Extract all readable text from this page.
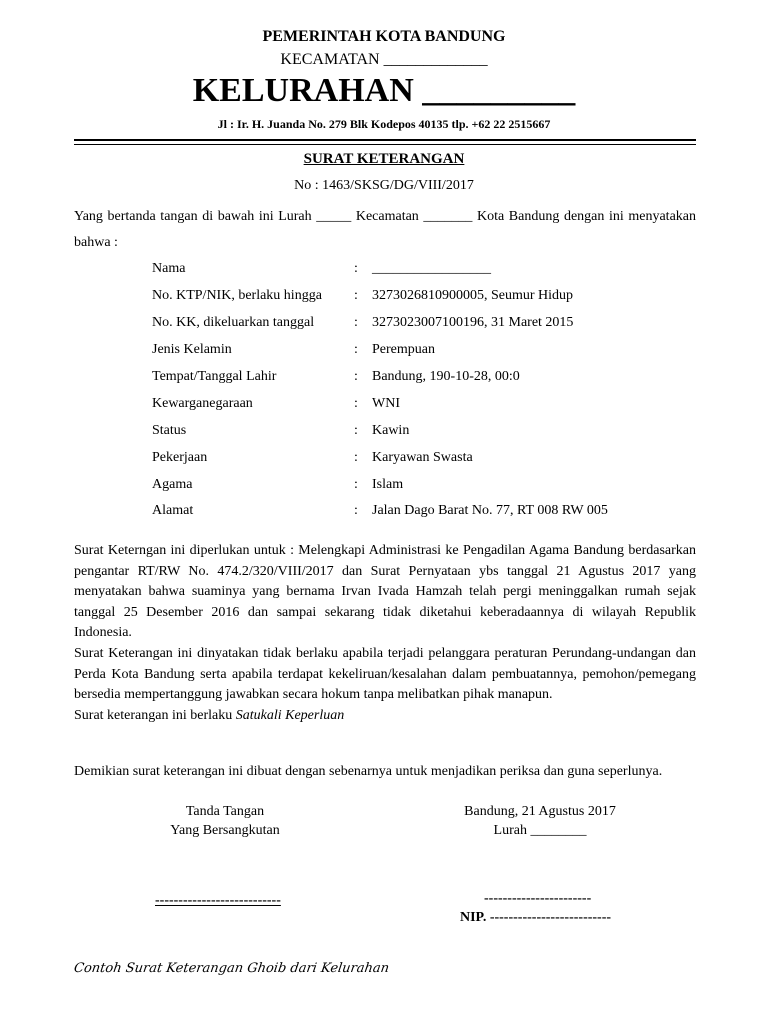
PEMERINTAH KOTA BANDUNG
KECAMATAN _____________
KELURAHAN _________
Jl : Ir. H. Juanda No. 279 Blk Kodepos 40135 tlp. +62 22 2515667
SURAT KETERANGAN
No : 1463/SKSG/DG/VIII/2017
Yang bertanda tangan di bawah ini Lurah _____ Kecamatan _______ Kota Bandung dengan ini menyatakan bahwa :
Nama	:	_________________
No. KTP/NIK, berlaku hingga	:	3273026810900005, Seumur Hidup
No. KK, dikeluarkan tanggal	:	3273023007100196, 31 Maret 2015
Jenis Kelamin	:	Perempuan
Tempat/Tanggal Lahir	:	Bandung, 190-10-28, 00:0
Kewarganegaraan	:	WNI
Status	:	Kawin
Pekerjaan	:	Karyawan Swasta
Agama	:	Islam
Alamat	:	Jalan Dago Barat No. 77, RT 008 RW 005
Surat Keterngan ini diperlukan untuk : Melengkapi Administrasi ke Pengadilan Agama Bandung berdasarkan pengantar RT/RW No. 474.2/320/VIII/2017 dan Surat Pernyataan ybs tanggal 21 Agustus 2017 yang menyatakan bahwa suaminya yang bernama Irvan Ivada Hamzah telah pergi meninggalkan rumah sejak tanggal 25 Desember 2016 dan sampai sekarang tidak diketahui keberadaannya di wilayah Republik Indonesia.
Surat Keterangan ini dinyatakan tidak berlaku apabila terjadi pelanggara peraturan Perundang-undangan dan Perda Kota Bandung serta apabila terdapat kekeliruan/kesalahan dalam pembuatannya, pemohon/pemegang bersedia mempertanggung jawabkan secara hokum tanpa melibatkan pihak manapun.
Surat keterangan ini berlaku Satukali Keperluan
Demikian surat keterangan ini dibuat dengan sebenarnya untuk menjadikan periksa dan guna seperlunya.
Tanda Tangan
Yang Bersangkutan
Bandung, 21 Agustus 2017
Lurah ________
---------------------------	-----------------------
NIP. --------------------------
Contoh Surat Keterangan Ghoib dari Kelurahan
